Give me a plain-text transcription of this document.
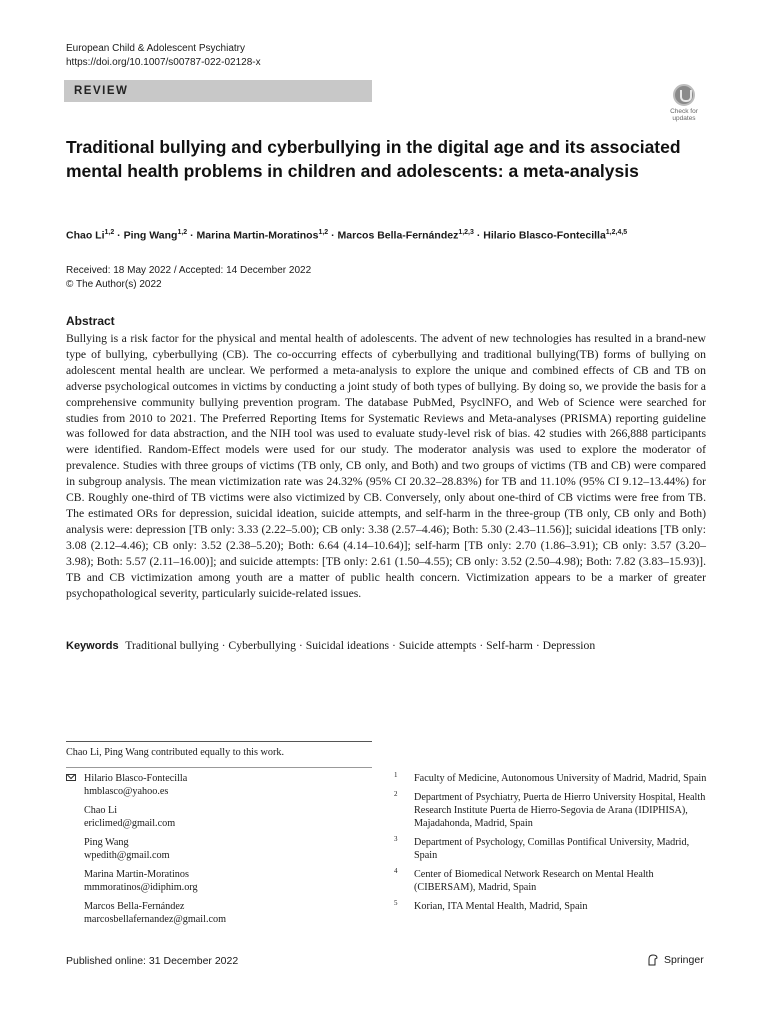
European Child & Adolescent Psychiatry
https://doi.org/10.1007/s00787-022-02128-x
REVIEW
Check for updates
Traditional bullying and cyberbullying in the digital age and its associated mental health problems in children and adolescents: a meta-analysis
Chao Li$^{1,2}$ · Ping Wang$^{1,2}$ · Marina Martin-Moratinos$^{1,2}$ · Marcos Bella-Fernández$^{1,2,3}$ · Hilario Blasco-Fontecilla$^{1,2,4,5}$
Received: 18 May 2022 / Accepted: 14 December 2022
© The Author(s) 2022
Abstract

Bullying is a risk factor for the physical and mental health of adolescents. The advent of new technologies has resulted in a brand-new type of bullying, cyberbullying (CB). The co-occurring effects of cyberbullying and traditional bullying(TB) forms of bullying on adolescent mental health are unclear. We performed a meta-analysis to explore the unique and combined effects of CB and TB on adverse psychological outcomes in victims by conducting a joint study of both types of bullying. By doing so, we provide the basis for a comprehensive community bullying prevention program. The database PubMed, PsyclNFO, and Web of Science were searched for studies from 2010 to 2021. The Preferred Reporting Items for Systematic Reviews and Meta-analyses (PRISMA) reporting guideline was followed for data abstraction, and the NIH tool was used to evaluate study-level risk of bias. 42 studies with 266,888 participants were identified. Random-Effect models were used for our study. The moderator analysis was used to explore the moderator of prevalence. Studies with three groups of victims (TB only, CB only, and Both) and two groups of victims (TB and CB) were compared in subgroup analysis. The mean victimization rate was 24.32% (95% CI 20.32–28.83%) for TB and 11.10% (95% CI 9.12–13.44%) for CB. Roughly one-third of TB victims were also victimized by CB. Conversely, only about one-third of CB victims were free from TB. The estimated ORs for depression, suicidal ideation, suicide attempts, and self-harm in the three-group (TB only, CB only and Both) analysis were: depression [TB only: 3.33 (2.22–5.00); CB only: 3.38 (2.57–4.46); Both: 5.30 (2.43–11.56)]; suicidal ideations [TB only: 3.08 (2.12–4.46); CB only: 3.52 (2.38–5.20); Both: 6.64 (4.14–10.64)]; self-harm [TB only: 2.70 (1.86–3.91); CB only: 3.57 (3.20–3.98); Both: 5.57 (2.11–16.00)]; and suicide attempts: [TB only: 2.61 (1.50–4.55); CB only: 3.52 (2.50–4.98); Both: 7.82 (3.83–15.93)]. TB and CB victimization among youth are a matter of public health concern. Victimization appears to be a marker of greater psychopathological severity, particularly suicide-related issues.

Keywords Traditional bullying · Cyberbullying · Suicidal ideations · Suicide attempts · Self-harm · Depression
Chao Li, Ping Wang contributed equally to this work.
Hilario Blasco-Fontecilla
hmblasco@yahoo.es
Chao Li
ericlimed@gmail.com
Ping Wang
wpedith@gmail.com
Marina Martin-Moratinos
mmmoratinos@idiphim.org
Marcos Bella-Fernández
marcosbellafernandez@gmail.com
1 Faculty of Medicine, Autonomous University of Madrid, Madrid, Spain
2 Department of Psychiatry, Puerta de Hierro University Hospital, Health Research Institute Puerta de Hierro-Segovia de Arana (IDIPHISA), Majadahonda, Madrid, Spain
3 Department of Psychology, Comillas Pontifical University, Madrid, Spain
4 Center of Biomedical Network Research on Mental Health (CIBERSAM), Madrid, Spain
5 Korian, ITA Mental Health, Madrid, Spain
Published online: 31 December 2022	Springer
